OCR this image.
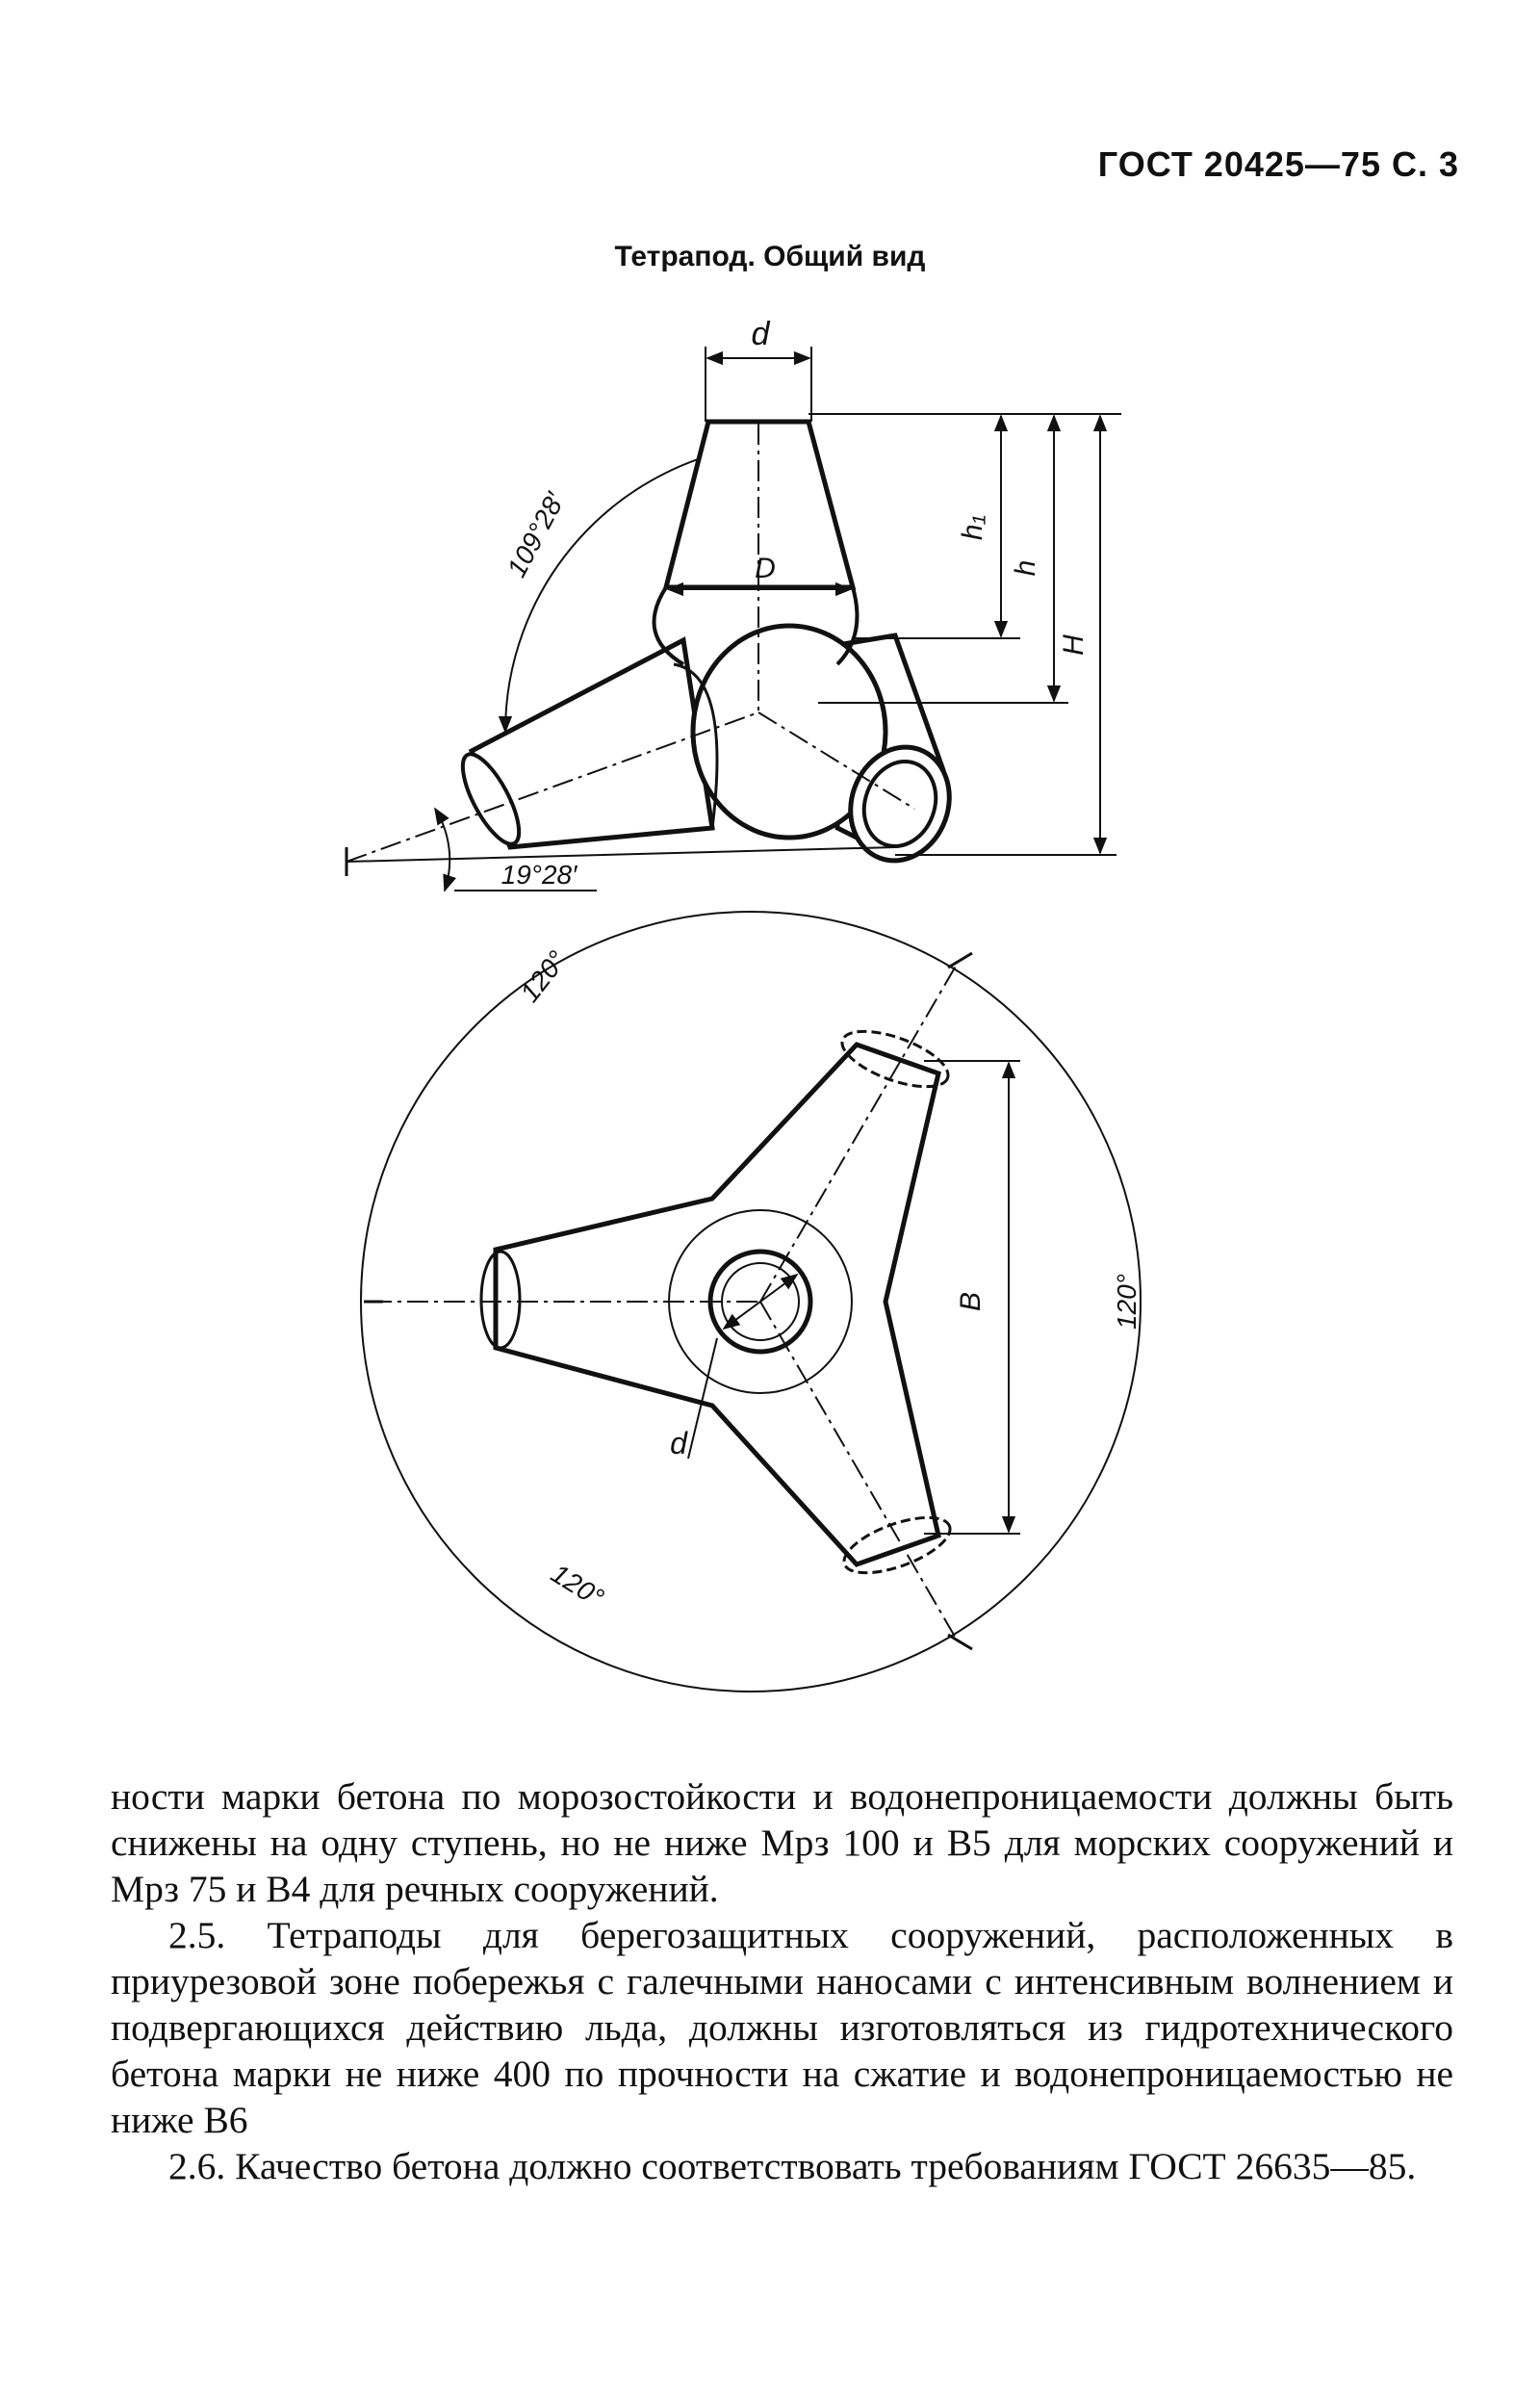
ГОСТ 20425—75 С. 3
Тетрапод. Общий вид
d
D
h₁
h
H
109°28′
19°28′
120°
120°
120°
B
d

ности марки бетона по морозостойкости и водонепроницаемости должны быть снижены на одну ступень, но не ниже Мрз 100 и В5 для морских сооружений и Мрз 75 и В4 для речных сооружений.

2.5. Тетраподы для берегозащитных сооружений, расположенных в приурезовой зоне побережья с галечными наносами с интенсивным волнением и подвергающихся действию льда, должны изготовляться из гидротехнического бетона марки не ниже 400 по прочности на сжатие и водонепроницаемостью не ниже В6

2.6. Качество бетона должно соответствовать требованиям ГОСТ 26635—85.
